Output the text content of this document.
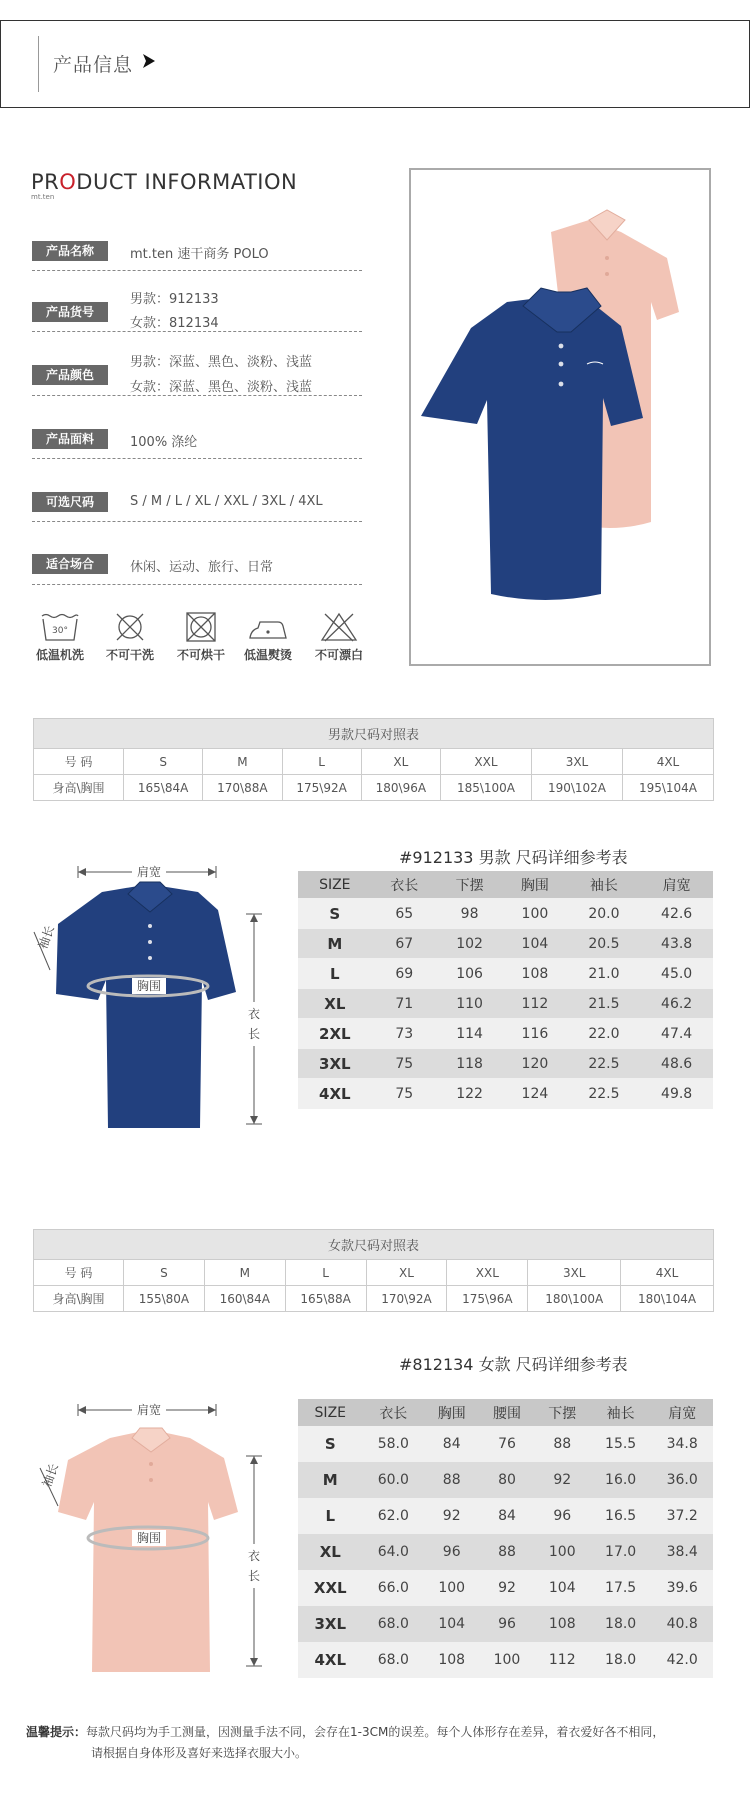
产品信息
PRODUCT INFORMATION
mt.ten
产品名称	mt.ten 速干商务 POLO
产品货号
男款：912133
女款：812134
产品颜色
男款：深蓝、黑色、淡粉、浅蓝
女款：深蓝、黑色、淡粉、浅蓝
产品面料	100% 涤纶
可选尺码	S / M / L / XL / XXL / 3XL / 4XL
适合场合	休闲、运动、旅行、日常
30°
低温机洗	不可干洗	不可烘干	低温熨烫	不可漂白
男款尺码对照表							
号 码	S	M	L	XL	XXL	3XL	4XL
身高\胸围	165\84A	170\88A	175\92A	180\96A	185\100A	190\102A	195\104A
#912133 男款 尺码详细参考表
肩宽
袖长
胸围
衣
长
SIZE	衣长	下摆	胸围	袖长	肩宽
S	65	98	100	20.0	42.6
M	67	102	104	20.5	43.8
L	69	106	108	21.0	45.0
XL	71	110	112	21.5	46.2
2XL	73	114	116	22.0	47.4
3XL	75	118	120	22.5	48.6
4XL	75	122	124	22.5	49.8
女款尺码对照表							
号 码	S	M	L	XL	XXL	3XL	4XL
身高\胸围	155\80A	160\84A	165\88A	170\92A	175\96A	180\100A	180\104A
#812134 女款 尺码详细参考表
肩宽
袖长
胸围
衣
长
SIZE	衣长	胸围	腰围	下摆	袖长	肩宽
S	58.0	84	76	88	15.5	34.8
M	60.0	88	80	92	16.0	36.0
L	62.0	92	84	96	16.5	37.2
XL	64.0	96	88	100	17.0	38.4
XXL	66.0	100	92	104	17.5	39.6
3XL	68.0	104	96	108	18.0	40.8
4XL	68.0	108	100	112	18.0	42.0
温馨提示：每款尺码均为手工测量，因测量手法不同，会存在1-3CM的误差。每个人体形存在差异，着衣爱好各不相同，
请根据自身体形及喜好来选择衣服大小。
